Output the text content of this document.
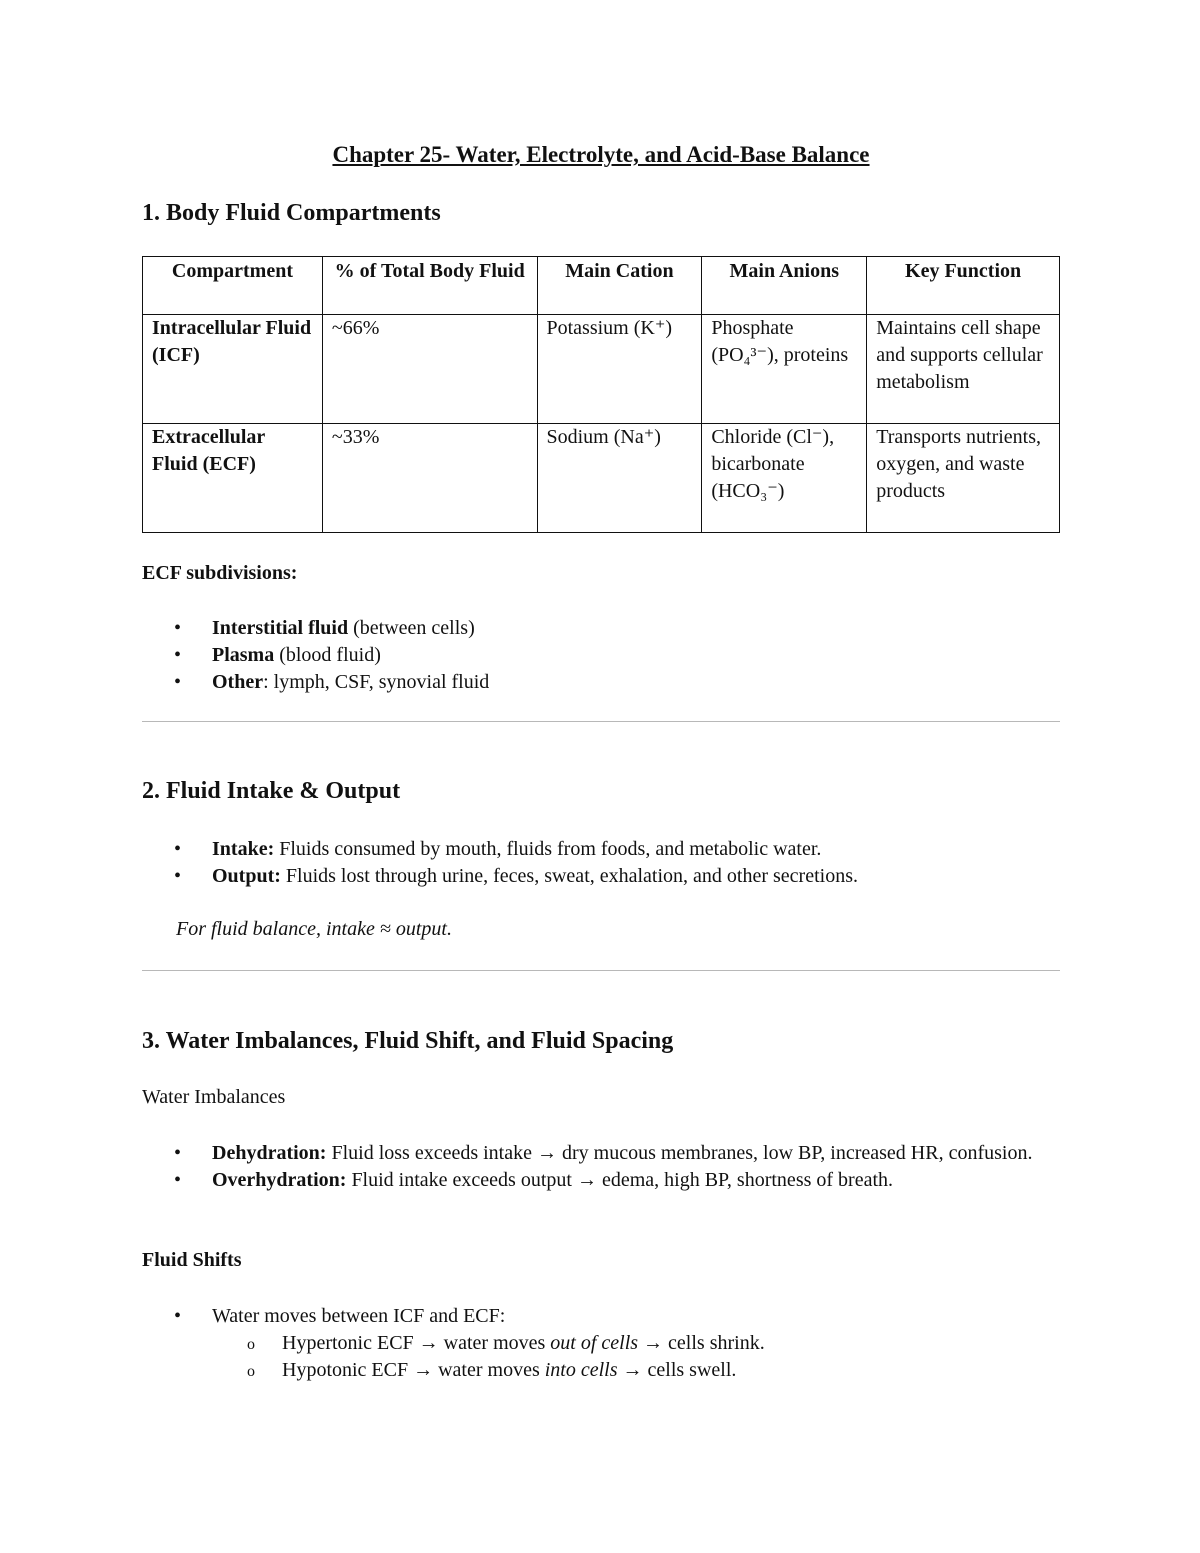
Chapter 25- Water, Electrolyte, and Acid-Base Balance
1. Body Fluid Compartments
Compartment	% of Total Body Fluid	Main Cation	Main Anions	Key Function
Intracellular Fluid (ICF)	~66%	Potassium (K⁺)	Phosphate (PO₄³⁻), proteins	Maintains cell shape and supports cellular metabolism
Extracellular Fluid (ECF)	~33%	Sodium (Na⁺)	Chloride (Cl⁻), bicarbonate (HCO₃⁻)	Transports nutrients, oxygen, and waste products

ECF subdivisions:

• Interstitial fluid (between cells)
• Plasma (blood fluid)
• Other: lymph, CSF, synovial fluid
2. Fluid Intake & Output
• Intake: Fluids consumed by mouth, fluids from foods, and metabolic water.
• Output: Fluids lost through urine, feces, sweat, exhalation, and other secretions.
For fluid balance, intake ≈ output.
3. Water Imbalances, Fluid Shift, and Fluid Spacing

Water Imbalances

• Dehydration: Fluid loss exceeds intake → dry mucous membranes, low BP, increased HR, confusion.
• Overhydration: Fluid intake exceeds output → edema, high BP, shortness of breath.

Fluid Shifts

• Water moves between ICF and ECF:
o Hypertonic ECF → water moves out of cells → cells shrink.
o Hypotonic ECF → water moves into cells → cells swell.
